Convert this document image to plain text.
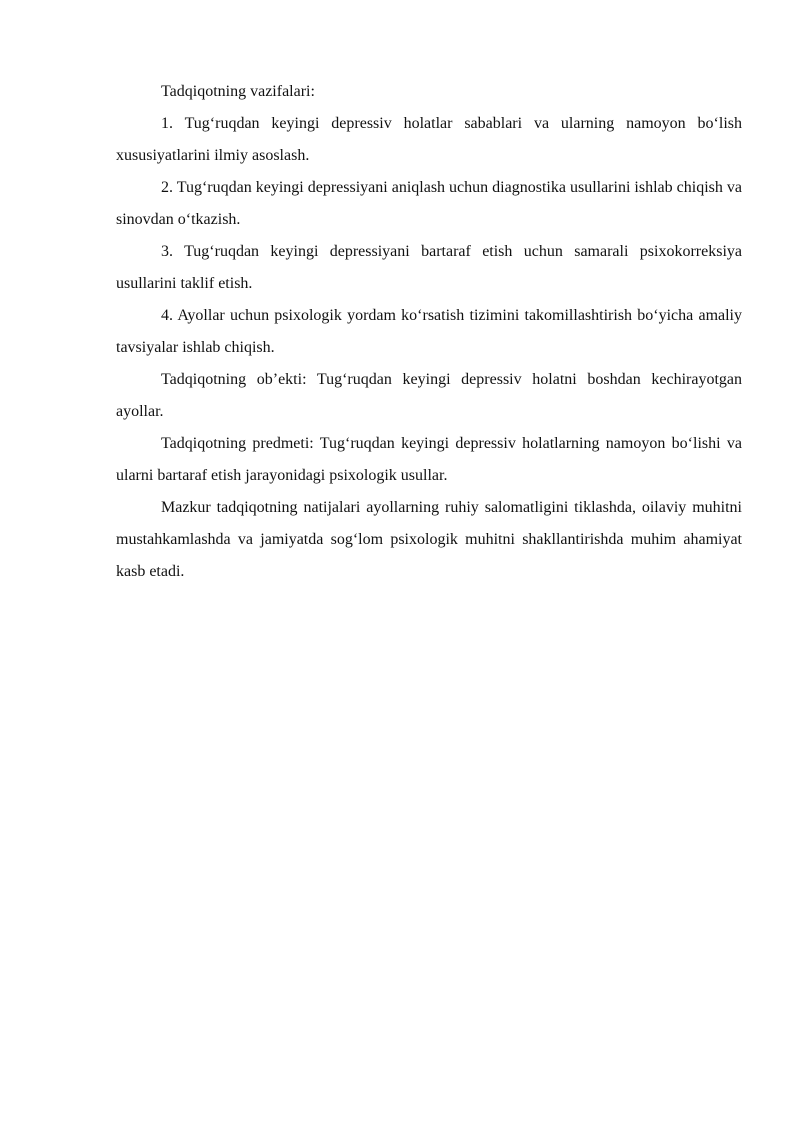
Tadqiqotning vazifalari:

1. Tug‘ruqdan keyingi depressiv holatlar sabablari va ularning namoyon bo‘lish xususiyatlarini ilmiy asoslash.

2. Tug‘ruqdan keyingi depressiyani aniqlash uchun diagnostika usullarini ishlab chiqish va sinovdan o‘tkazish.

3. Tug‘ruqdan keyingi depressiyani bartaraf etish uchun samarali psixokorreksiya usullarini taklif etish.

4. Ayollar uchun psixologik yordam ko‘rsatish tizimini takomillashtirish bo‘yicha amaliy tavsiyalar ishlab chiqish.

Tadqiqotning ob’ekti: Tug‘ruqdan keyingi depressiv holatni boshdan kechirayotgan ayollar.

Tadqiqotning predmeti: Tug‘ruqdan keyingi depressiv holatlarning namoyon bo‘lishi va ularni bartaraf etish jarayonidagi psixologik usullar.

Mazkur tadqiqotning natijalari ayollarning ruhiy salomatligini tiklashda, oilaviy muhitni mustahkamlashda va jamiyatda sog‘lom psixologik muhitni shakllantirishda muhim ahamiyat kasb etadi.
